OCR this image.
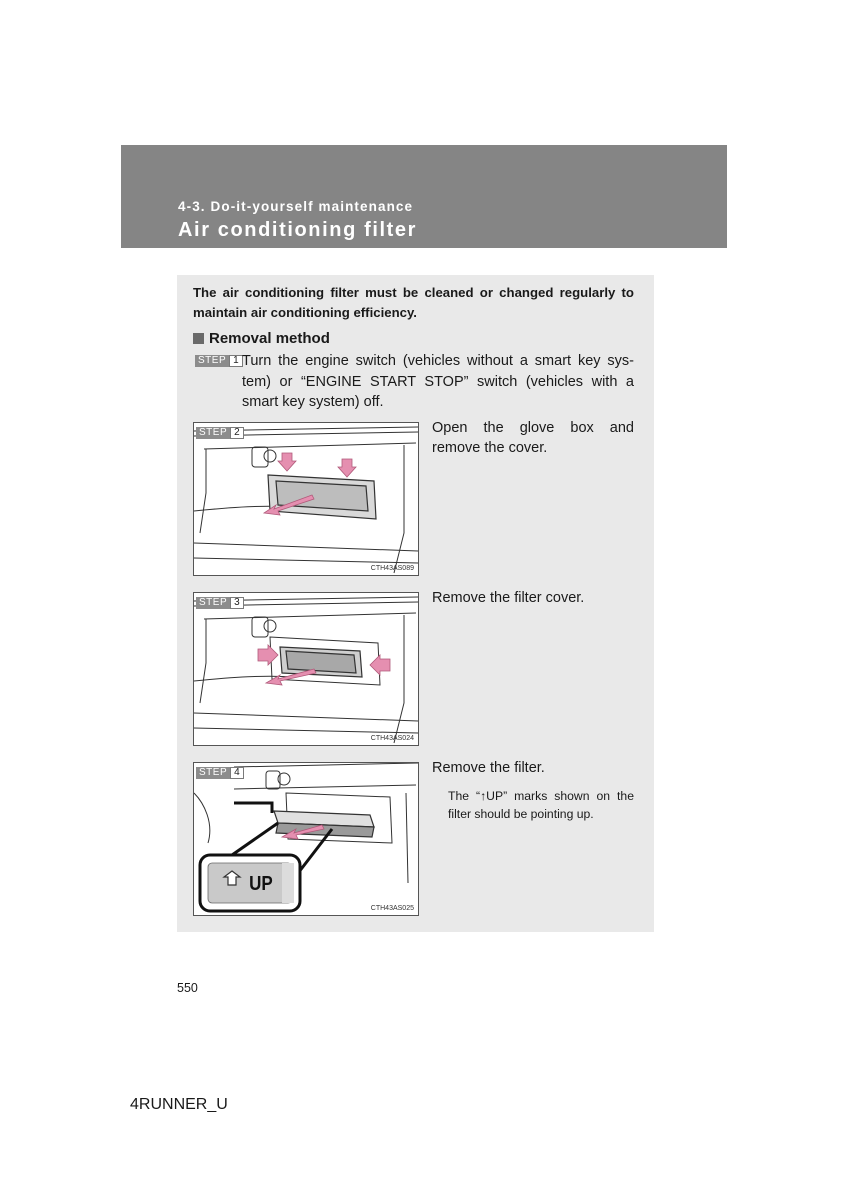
4-3. Do-it-yourself maintenance
Air conditioning filter
The air conditioning filter must be cleaned or changed regularly to maintain air conditioning efficiency.
Removal method
STEP 1 Turn the engine switch (vehicles without a smart key sys-tem) or “ENGINE START STOP” switch (vehicles with a smart key system) off.
STEP 2
CTH43AS089
Open the glove box and remove the cover.
STEP 3
CTH43AS024
Remove the filter cover.
STEP 4
UP
CTH43AS025
Remove the filter.
The “↑UP” marks shown on the filter should be pointing up.
550
4RUNNER_U
